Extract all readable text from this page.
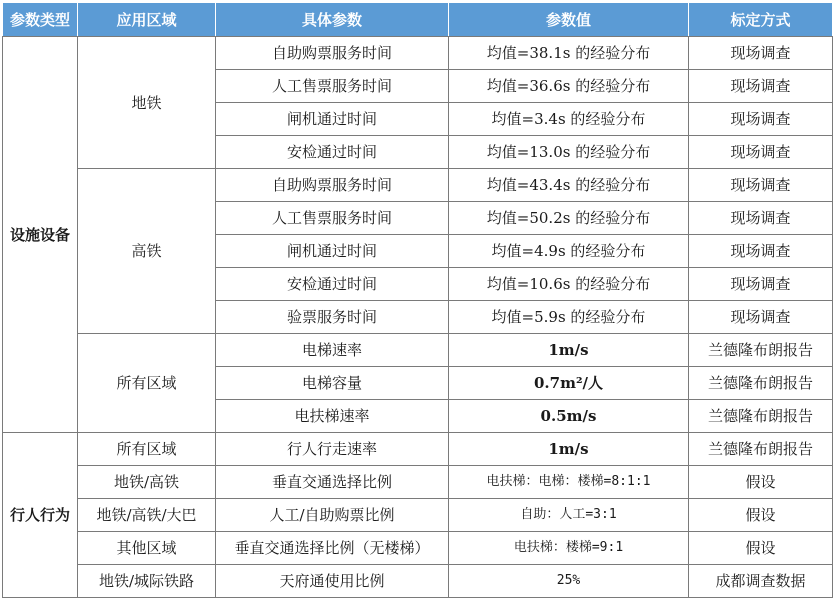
参数类型	应用区域	具体参数	参数值	标定方式
设施设备	地铁	自助购票服务时间	均值=38.1s 的经验分布	现场调查
		人工售票服务时间	均值=36.6s 的经验分布	现场调查
		闸机通过时间	均值=3.4s 的经验分布	现场调查
		安检通过时间	均值=13.0s 的经验分布	现场调查
	高铁	自助购票服务时间	均值=43.4s 的经验分布	现场调查
		人工售票服务时间	均值=50.2s 的经验分布	现场调查
		闸机通过时间	均值=4.9s 的经验分布	现场调查
		安检通过时间	均值=10.6s 的经验分布	现场调查
		验票服务时间	均值=5.9s 的经验分布	现场调查
	所有区域	电梯速率	1m/s	兰德隆布朗报告
		电梯容量	0.7m²/人	兰德隆布朗报告
		电扶梯速率	0.5m/s	兰德隆布朗报告
行人行为	所有区域	行人行走速率	1m/s	兰德隆布朗报告
	地铁/高铁	垂直交通选择比例	电扶梯：电梯：楼梯=8:1:1	假设
	地铁/高铁/大巴	人工/自助购票比例	自助：人工=3:1	假设
	其他区域	垂直交通选择比例（无楼梯）	电扶梯：楼梯=9:1	假设
	地铁/城际铁路	天府通使用比例	25%	成都调查数据
